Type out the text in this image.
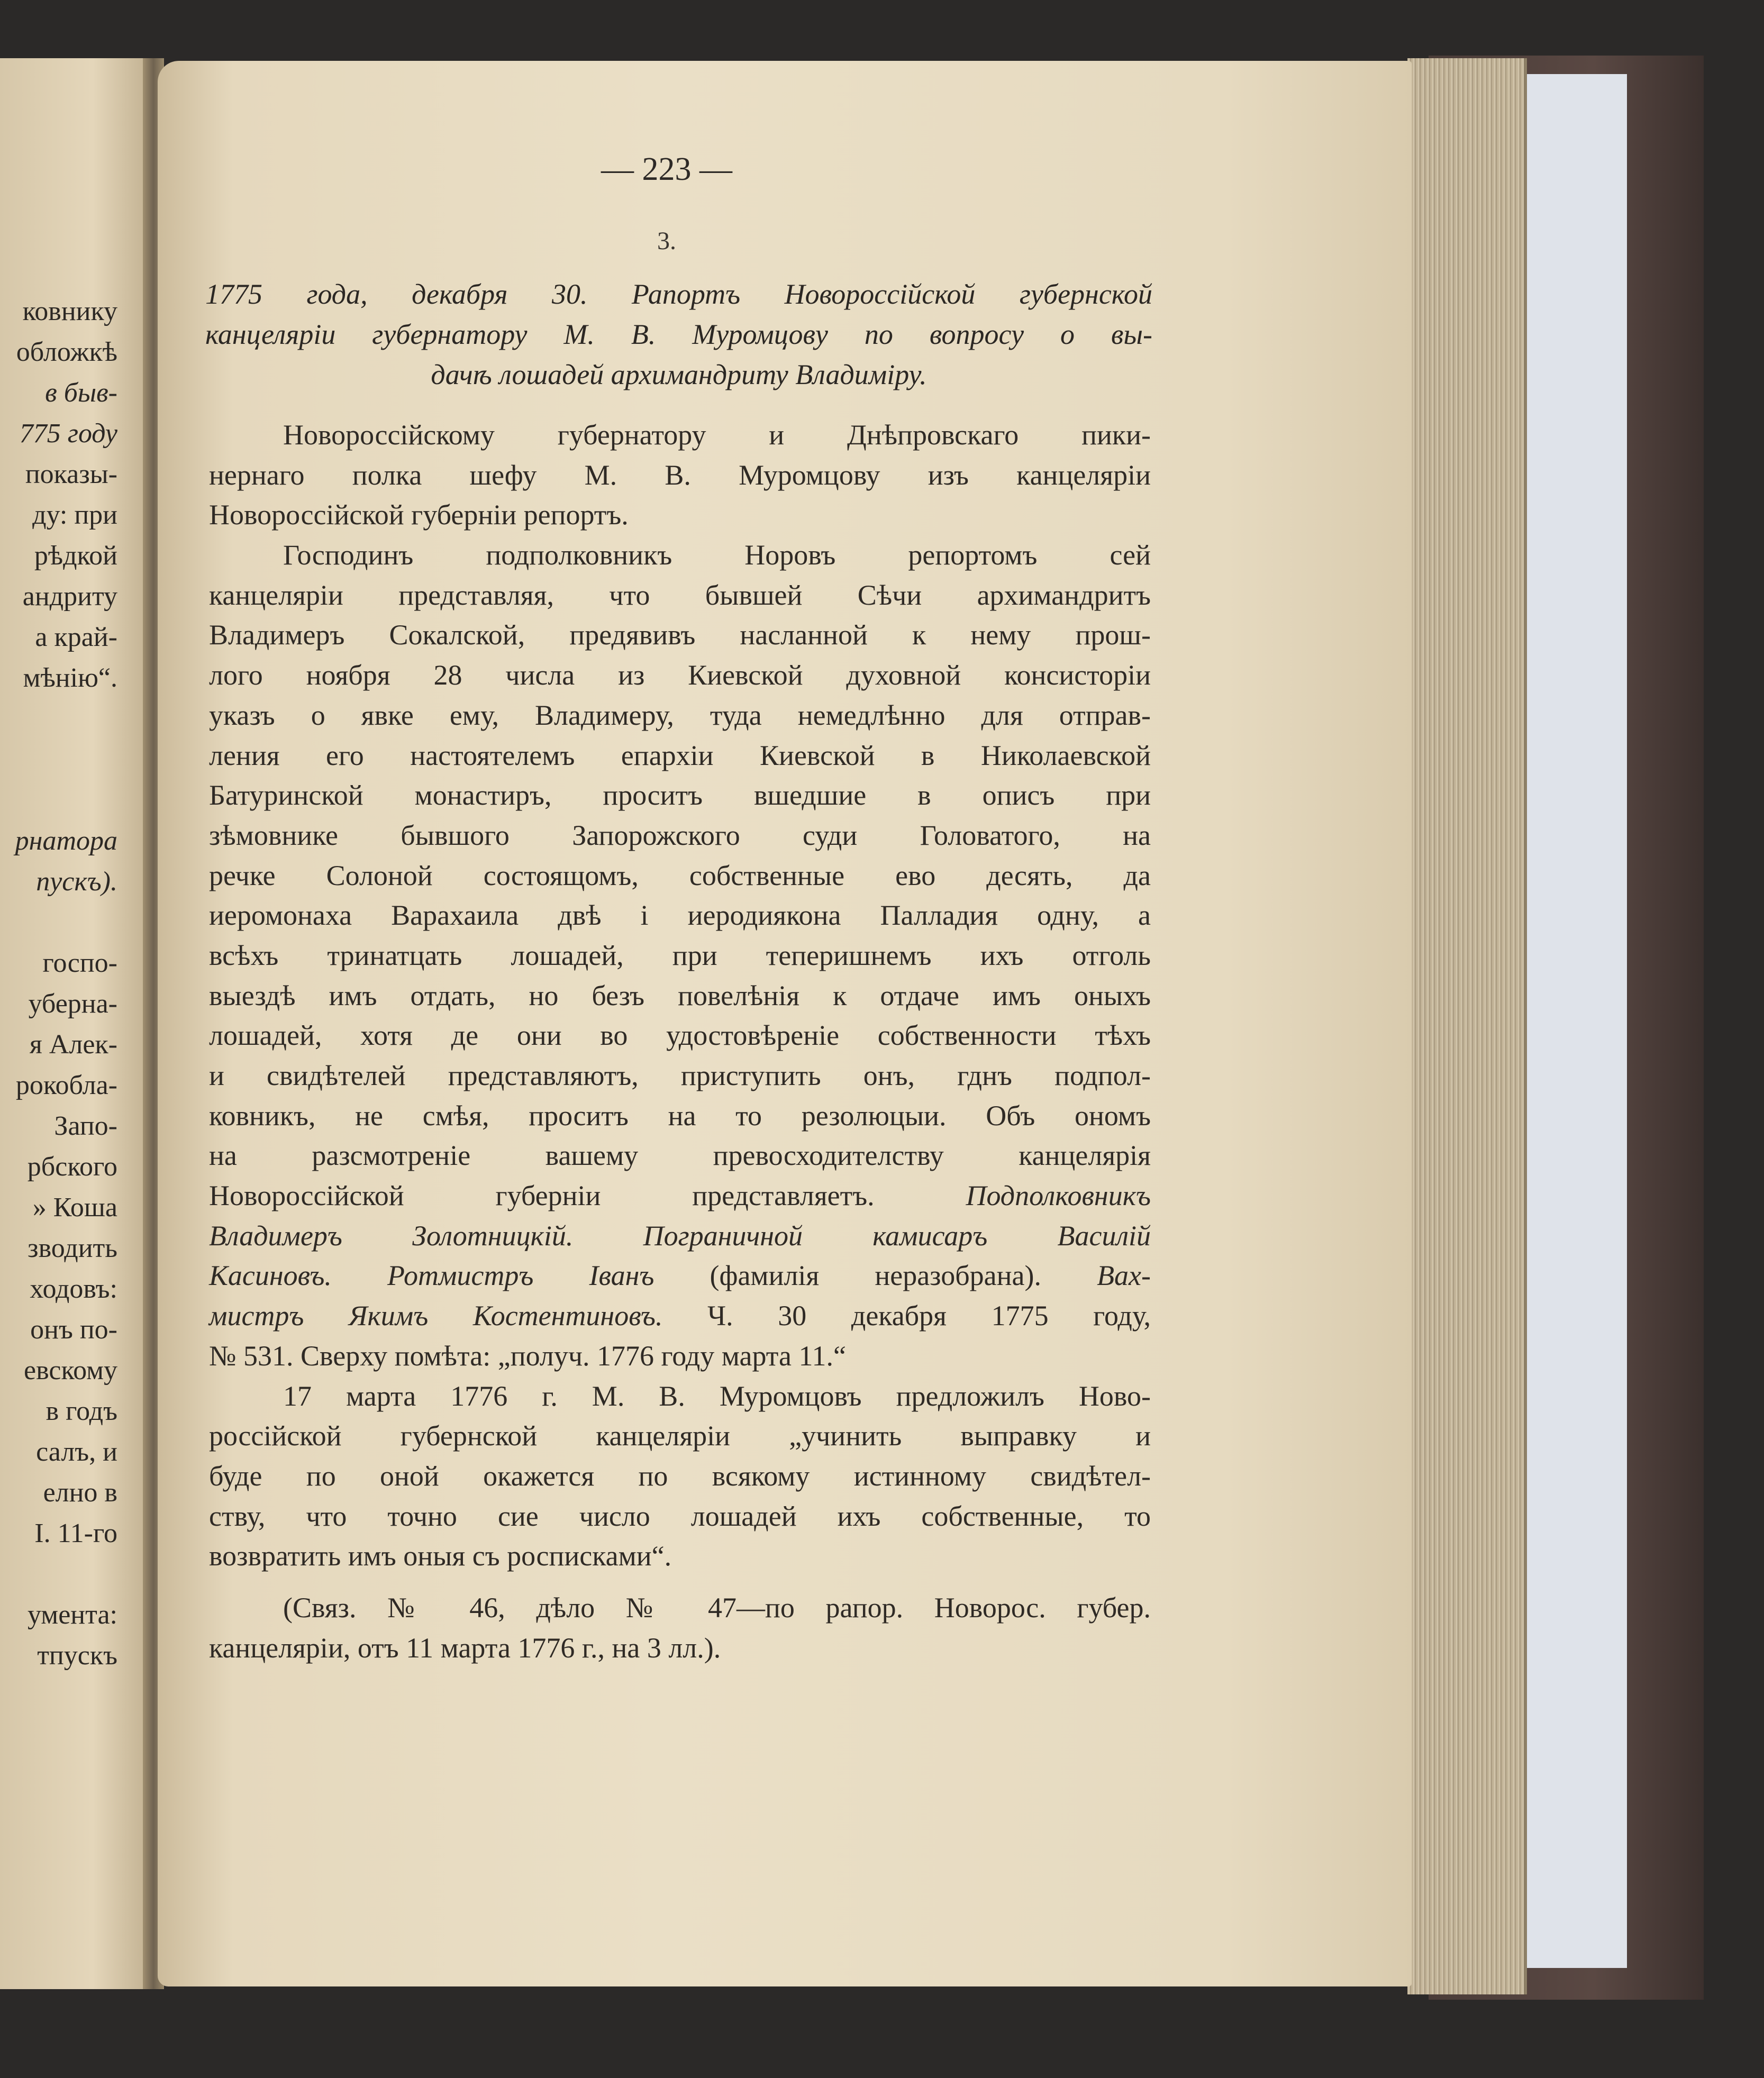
ковнику
обложкѣ
в быв-
775 году
показы-
ду: при
рѣдкой
андриту
а край-
мѣнію“.
рнатора
пускъ).
госпо-
уберна-
я Алек-
рокобла-
Запо-
рбского
» Коша
зводить
ходовъ:
онъ по-
евскому
в годъ
салъ, и
елно в
I. 11-го
умента:
тпускъ
— 223 —
3.
1775 года, декабря 30. Рапортъ Новороссійской губернской
канцеляріи губернатору М. В. Муромцову по вопросу о вы-
дачѣ лошадей архимандриту Владиміру.
Новороссійскому губернатору и Днѣпровскаго пики-
нернаго полка шефу М. В. Муромцову изъ канцеляріи
Новороссійской губерніи репортъ.
Господинъ подполковникъ Норовъ репортомъ сей
канцеляріи представляя, что бывшей Сѣчи архимандритъ
Владимеръ Сокалской, предявивъ насланной к нему прош-
лого ноября 28 числа из Киевской духовной консисторіи
указъ о явке ему, Владимеру, туда немедлѣнно для отправ-
ления его настоятелемъ епархіи Киевской в Николаевской
Батуринской монастиръ, проситъ вшедшие в описъ при
зѣмовнике бывшого Запорожского суди Головатого, на
речке Солоной состоящомъ, собственные ево десять, да
иеромонаха Варахаила двѣ і иеродиякона Палладия одну, а
всѣхъ тринатцать лошадей, при теперишнемъ ихъ отголь
выездѣ имъ отдать, но безъ повелѣнія к отдаче имъ оныхъ
лошадей, хотя де они во удостовѣреніе собственности тѣхъ
и свидѣтелей представляютъ, приступить онъ, гднъ подпол-
ковникъ, не смѣя, проситъ на то резолюцыи. Объ ономъ
на разсмотреніе вашему превосходителству канцелярія
Новороссійской губерніи представляетъ. Подполковникъ
Владимеръ Золотницкій. Пограничной камисаръ Василій
Касиновъ. Ротмистръ Іванъ (фамилія неразобрана). Вах-
мистръ Якимъ Костентиновъ. Ч. 30 декабря 1775 году,
№ 531. Сверху помѣта: „получ. 1776 году марта 11.“
17 марта 1776 г. М. В. Муромцовъ предложилъ Ново-
россійской губернской канцеляріи „учинить выправку и
буде по оной окажется по всякому истинному свидѣтел-
ству, что точно сие число лошадей ихъ собственные, то
возвратить имъ оныя съ росписками“.
(Связ. № 46, дѣло № 47—по рапор. Новорос. губер.
канцеляріи, отъ 11 марта 1776 г., на 3 лл.).
